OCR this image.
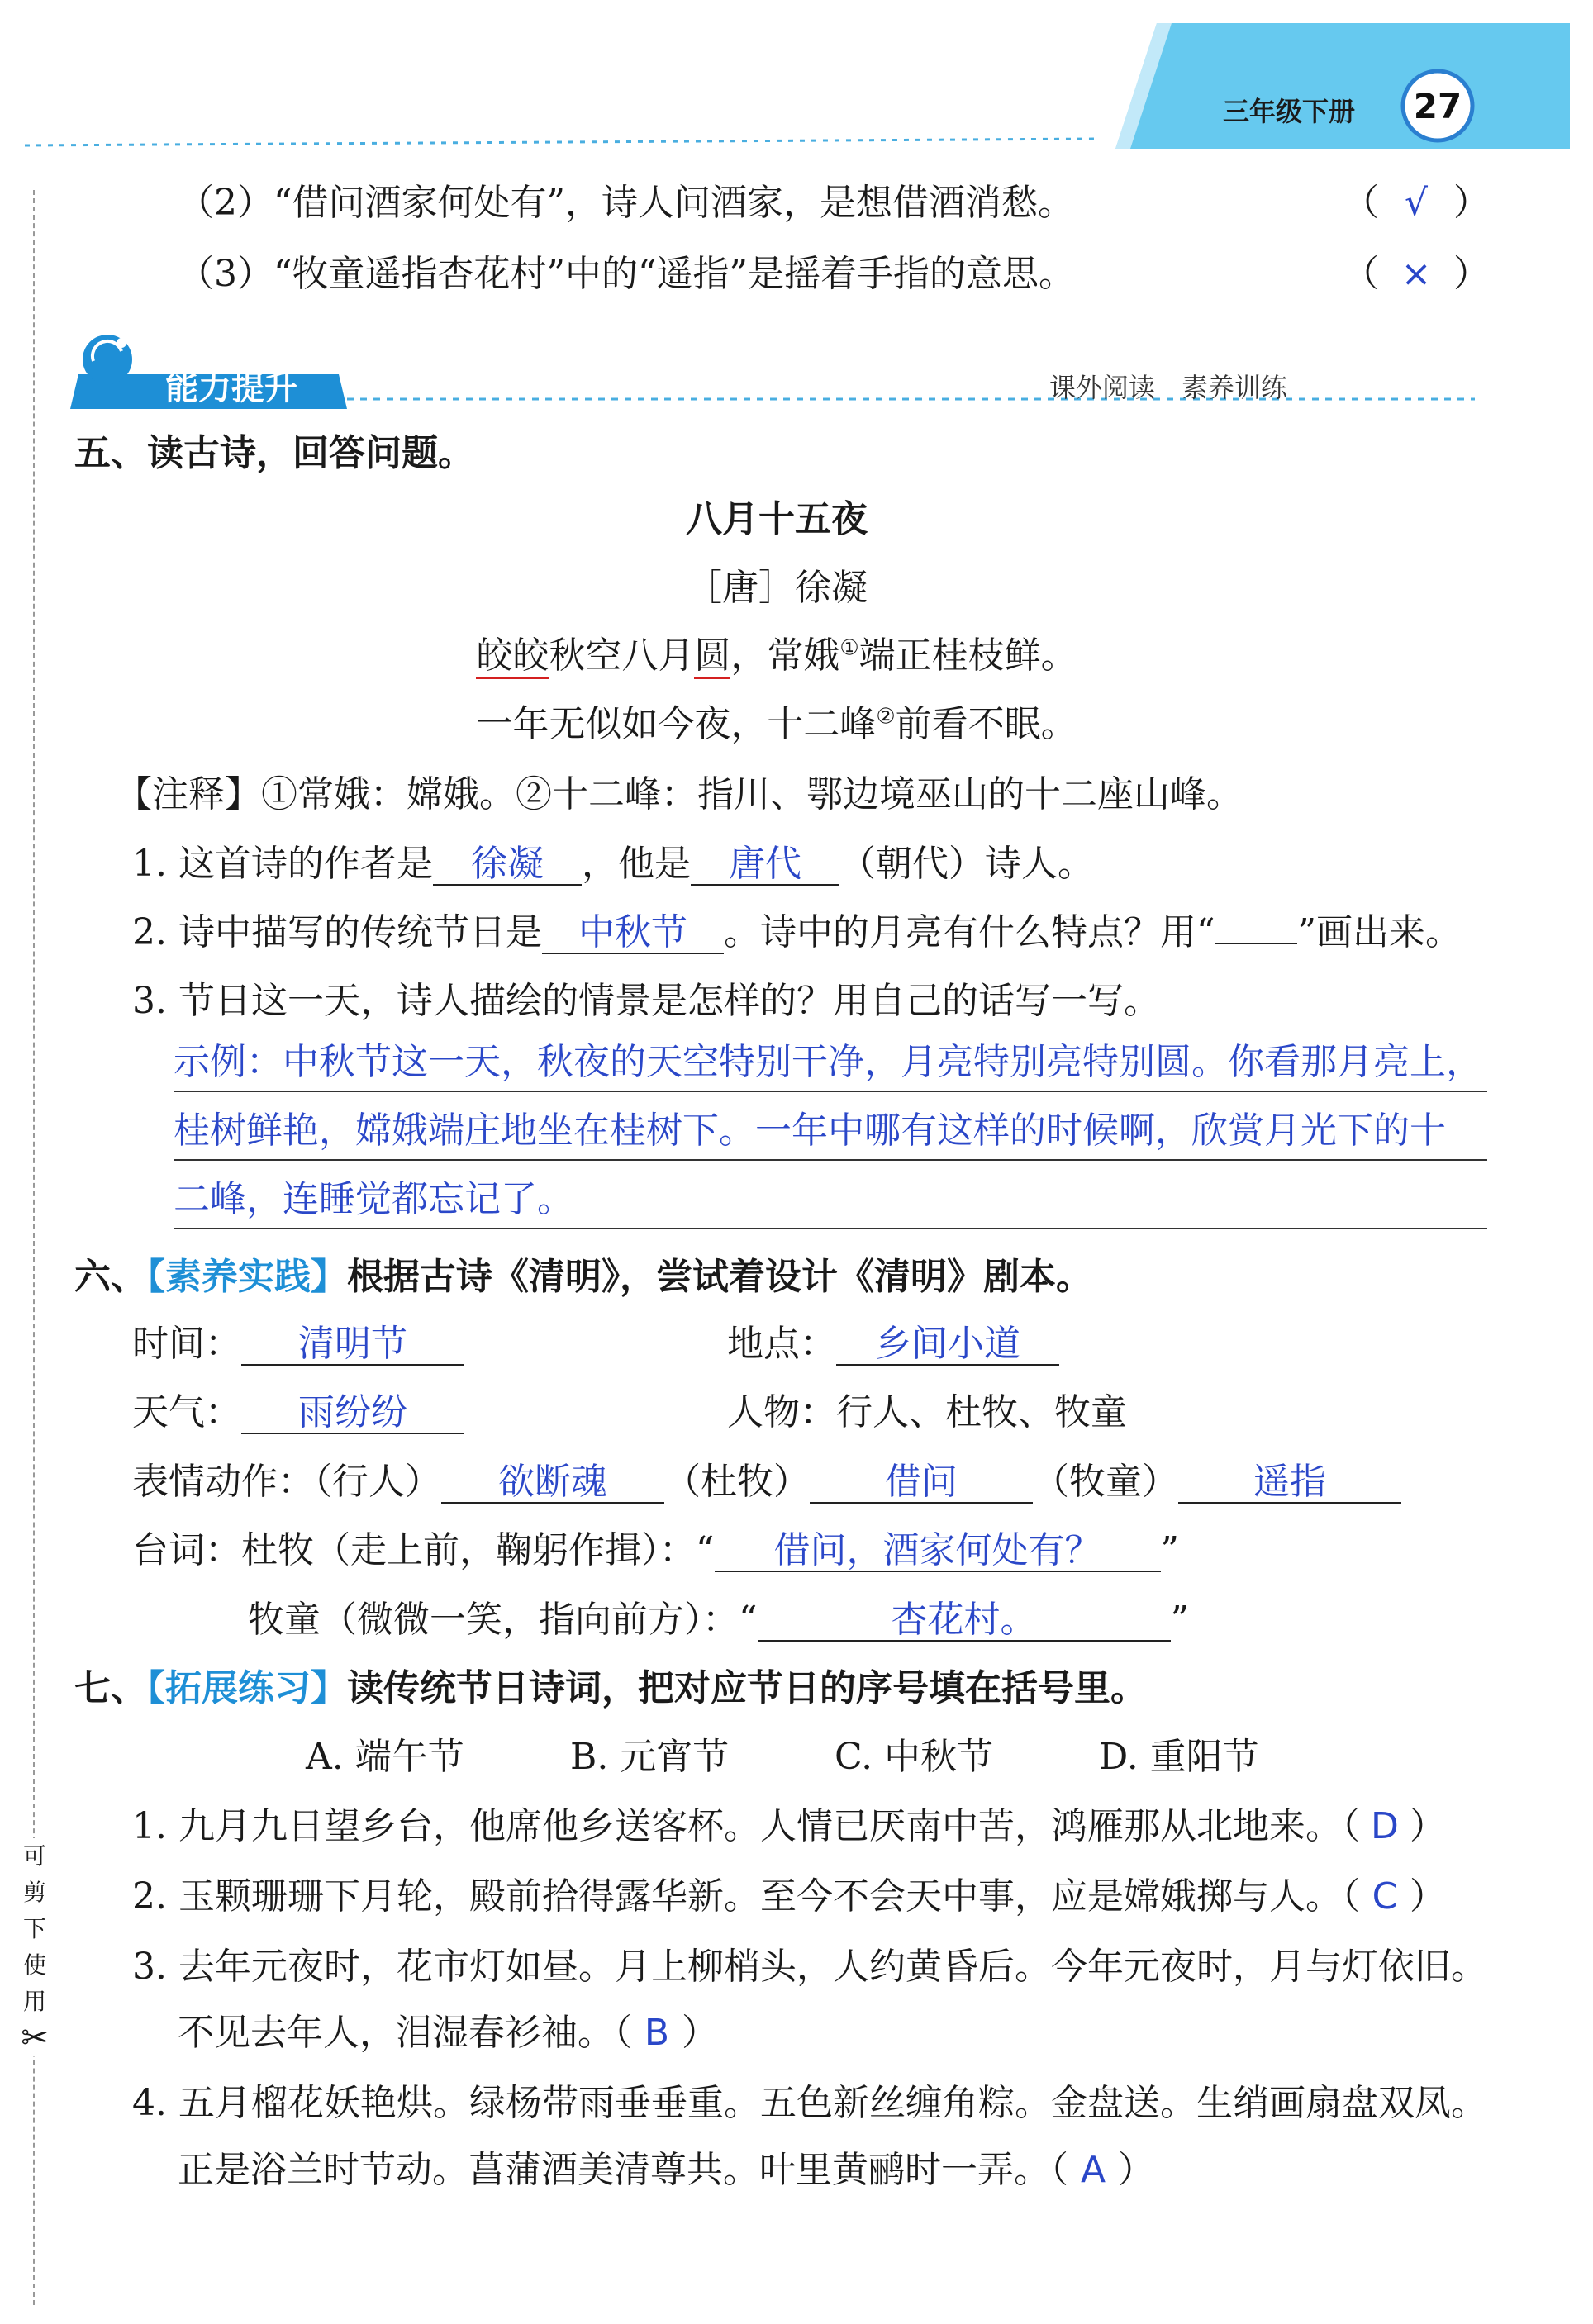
三年级下册 27
（2）“借问酒家何处有”，诗人问酒家，是想借酒消愁。	（ √ ）
（3）“牧童遥指杏花村”中的“遥指”是摇着手指的意思。	（ × ）
能力提升	课外阅读　素养训练
五、读古诗，回答问题。
八月十五夜
［唐］徐凝
皎皎秋空八月圆，常娥①端正桂枝鲜。
一年无似如今夜，十二峰②前看不眠。
【注释】①常娥：嫦娥。②十二峰：指川、鄂边境巫山的十二座山峰。
1. 这首诗的作者是 徐凝 ，他是 唐代 （朝代）诗人。
2. 诗中描写的传统节日是 中秋节 。诗中的月亮有什么特点？用“ ”画出来。
3. 节日这一天，诗人描绘的情景是怎样的？用自己的话写一写。
示例：中秋节这一天，秋夜的天空特别干净，月亮特别亮特别圆。你看那月亮上，
桂树鲜艳，嫦娥端庄地坐在桂树下。一年中哪有这样的时候啊，欣赏月光下的十
二峰，连睡觉都忘记了。
六、【素养实践】根据古诗《清明》，尝试着设计《清明》剧本。
时间： 清明节	地点： 乡间小道
天气： 雨纷纷	人物：行人、杜牧、牧童
表情动作：（行人） 欲断魂 （杜牧） 借问 （牧童） 遥指
台词：杜牧（走上前，鞠躬作揖）：“ 借问，酒家何处有？ ”
牧童（微微一笑，指向前方）：“	杏花村。	”
七、【拓展练习】读传统节日诗词，把对应节日的序号填在括号里。
A. 端午节	B. 元宵节	C. 中秋节	D. 重阳节
1. 九月九日望乡台，他席他乡送客杯。人情已厌南中苦，鸿雁那从北地来。（ D ）
2. 玉颗珊珊下月轮，殿前拾得露华新。至今不会天中事，应是嫦娥掷与人。（ C ）
3. 去年元夜时，花市灯如昼。月上柳梢头，人约黄昏后。今年元夜时，月与灯依旧。
不见去年人，泪湿春衫袖。（ B ）
4. 五月榴花妖艳烘。绿杨带雨垂垂重。五色新丝缠角粽。金盘送。生绡画扇盘双凤。
正是浴兰时节动。菖蒲酒美清尊共。叶里黄鹂时一弄。（ A ）
可
剪
下
使
用
✂
